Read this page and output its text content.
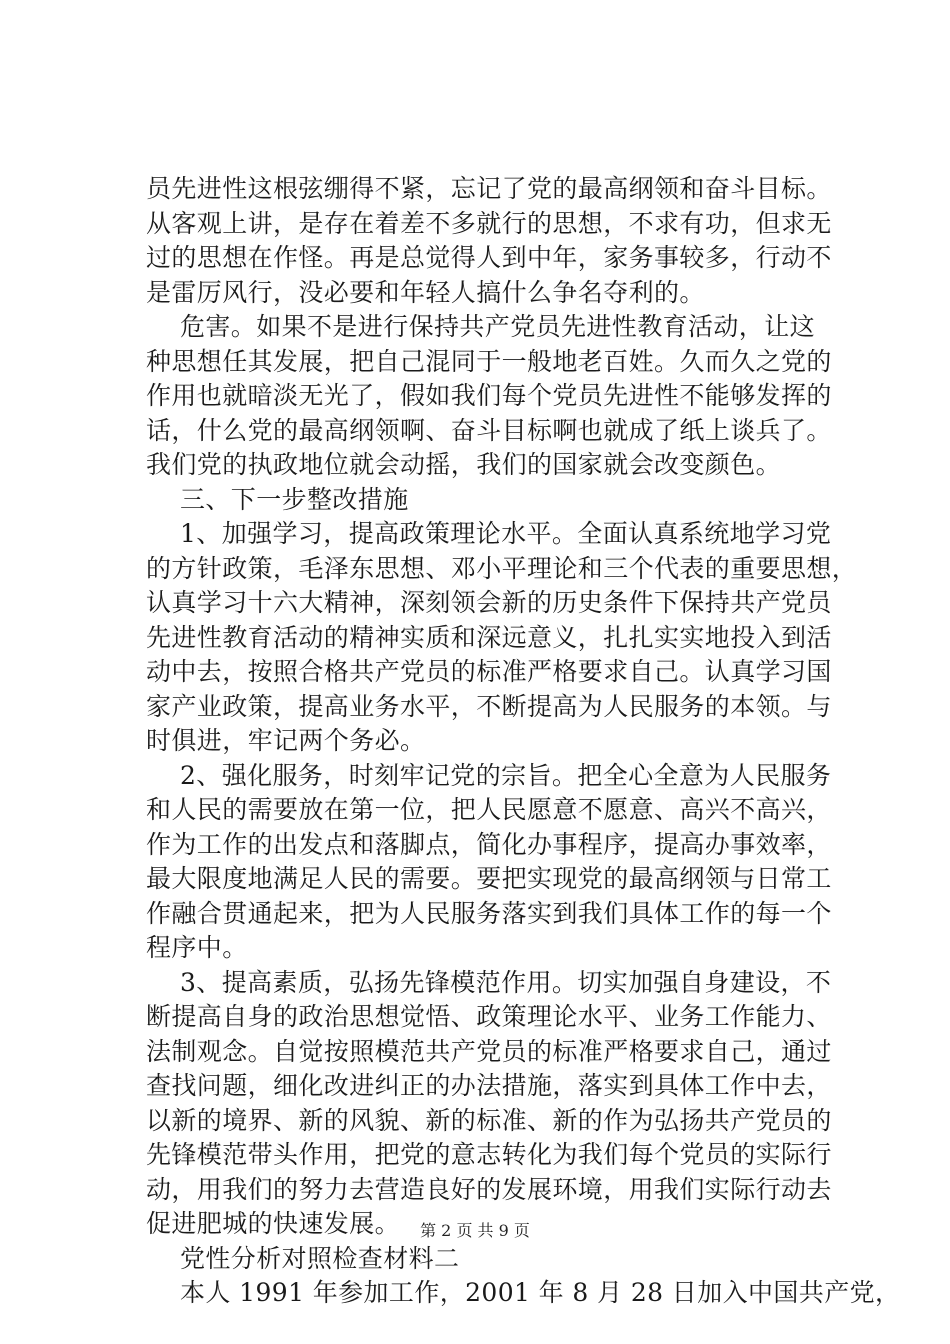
员先进性这根弦绷得不紧，忘记了党的最高纲领和奋斗目标。
从客观上讲，是存在着差不多就行的思想，不求有功，但求无
过的思想在作怪。再是总觉得人到中年，家务事较多，行动不
是雷厉风行，没必要和年轻人搞什么争名夺利的。
危害。如果不是进行保持共产党员先进性教育活动，让这
种思想任其发展，把自己混同于一般地老百姓。久而久之党的
作用也就暗淡无光了，假如我们每个党员先进性不能够发挥的
话，什么党的最高纲领啊、奋斗目标啊也就成了纸上谈兵了。
我们党的执政地位就会动摇，我们的国家就会改变颜色。
三、下一步整改措施
1、加强学习，提高政策理论水平。全面认真系统地学习党
的方针政策，毛泽东思想、邓小平理论和三个代表的重要思想，
认真学习十六大精神，深刻领会新的历史条件下保持共产党员
先进性教育活动的精神实质和深远意义，扎扎实实地投入到活
动中去，按照合格共产党员的标准严格要求自己。认真学习国
家产业政策，提高业务水平，不断提高为人民服务的本领。与
时俱进，牢记两个务必。
2、强化服务，时刻牢记党的宗旨。把全心全意为人民服务
和人民的需要放在第一位，把人民愿意不愿意、高兴不高兴，
作为工作的出发点和落脚点，简化办事程序，提高办事效率，
最大限度地满足人民的需要。要把实现党的最高纲领与日常工
作融合贯通起来，把为人民服务落实到我们具体工作的每一个
程序中。
3、提高素质，弘扬先锋模范作用。切实加强自身建设，不
断提高自身的政治思想觉悟、政策理论水平、业务工作能力、
法制观念。自觉按照模范共产党员的标准严格要求自己，通过
查找问题，细化改进纠正的办法措施，落实到具体工作中去，
以新的境界、新的风貌、新的标准、新的作为弘扬共产党员的
先锋模范带头作用，把党的意志转化为我们每个党员的实际行
动，用我们的努力去营造良好的发展环境，用我们实际行动去
促进肥城的快速发展。
党性分析对照检查材料二
本人 1991 年参加工作，2001 年 8 月 28 日加入中国共产党，
第 2 页 共 9 页
